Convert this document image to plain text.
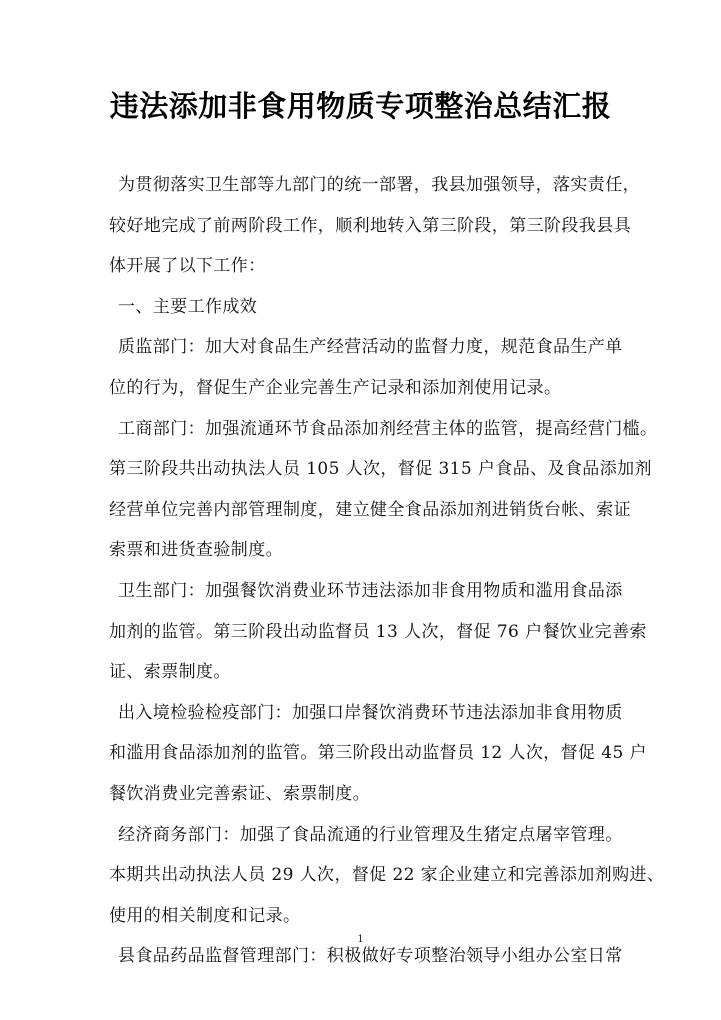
违法添加非食用物质专项整治总结汇报
为贯彻落实卫生部等九部门的统一部署，我县加强领导，落实责任，
较好地完成了前两阶段工作，顺利地转入第三阶段，第三阶段我县具
体开展了以下工作：
一、主要工作成效
质监部门：加大对食品生产经营活动的监督力度，规范食品生产单
位的行为，督促生产企业完善生产记录和添加剂使用记录。
工商部门：加强流通环节食品添加剂经营主体的监管，提高经营门槛。
第三阶段共出动执法人员 105 人次，督促 315 户食品、及食品添加剂
经营单位完善内部管理制度，建立健全食品添加剂进销货台帐、索证
索票和进货查验制度。
卫生部门：加强餐饮消费业环节违法添加非食用物质和滥用食品添
加剂的监管。第三阶段出动监督员 13 人次，督促 76 户餐饮业完善索
证、索票制度。
出入境检验检疫部门：加强口岸餐饮消费环节违法添加非食用物质
和滥用食品添加剂的监管。第三阶段出动监督员 12 人次，督促 45 户
餐饮消费业完善索证、索票制度。
经济商务部门：加强了食品流通的行业管理及生猪定点屠宰管理。
本期共出动执法人员 29 人次，督促 22 家企业建立和完善添加剂购进、
使用的相关制度和记录。
县食品药品监督管理部门：积极做好专项整治领导小组办公室日常
1
